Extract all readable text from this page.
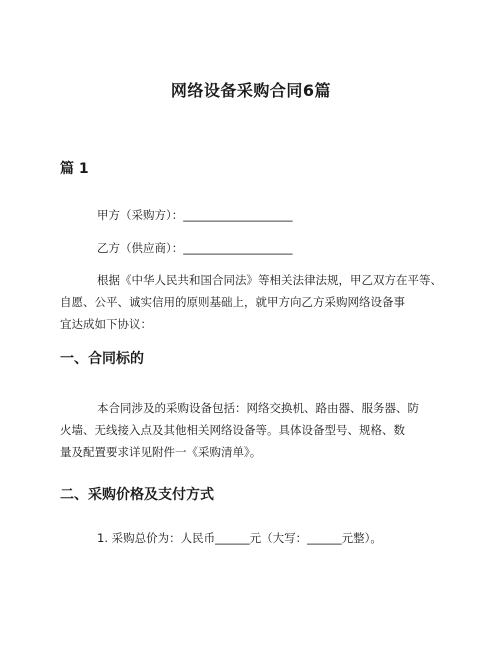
网络设备采购合同6篇
篇 1
甲方（采购方）：___________________
乙方（供应商）：___________________
根据《中华人民共和国合同法》等相关法律法规，甲乙双方在平等、
自愿、公平、诚实信用的原则基础上，就甲方向乙方采购网络设备事
宜达成如下协议：
一、合同标的
本合同涉及的采购设备包括：网络交换机、路由器、服务器、防
火墙、无线接入点及其他相关网络设备等。具体设备型号、规格、数
量及配置要求详见附件一《采购清单》。
二、采购价格及支付方式
1. 采购总价为：人民币______元（大写：______元整）。
